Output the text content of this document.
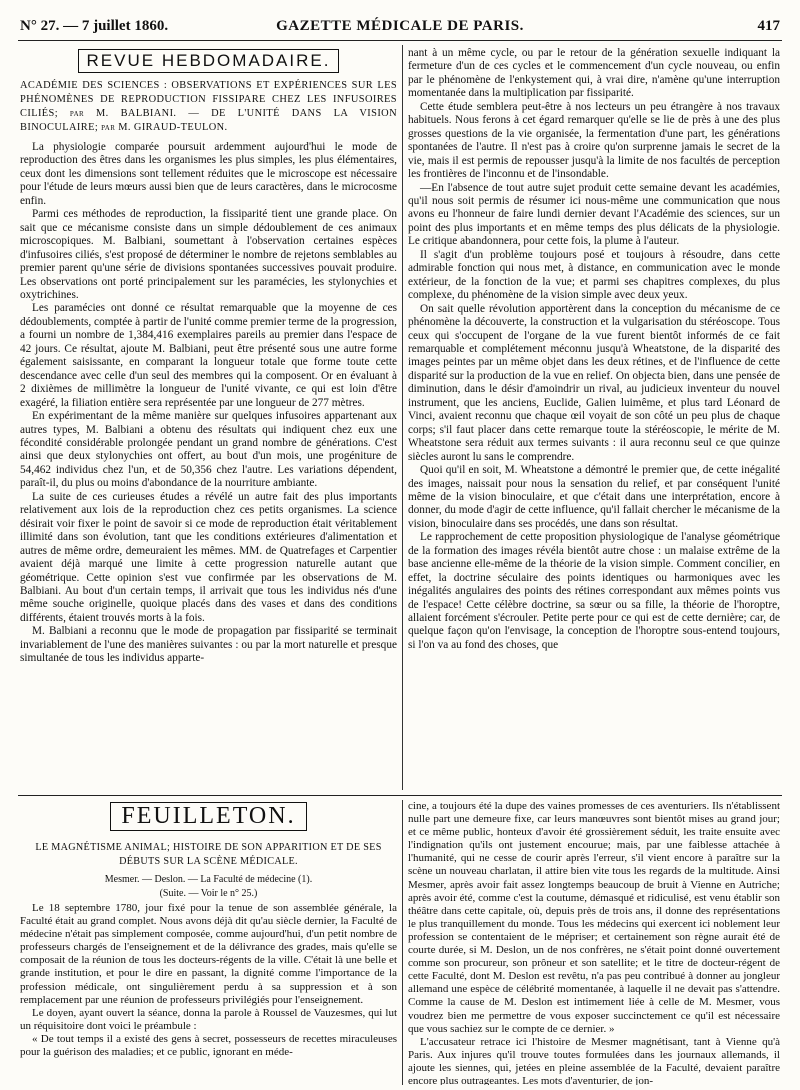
N° 27. — 7 juillet 1860.	GAZETTE MÉDICALE DE PARIS.	417
REVUE HEBDOMADAIRE.
ACADÉMIE DES SCIENCES : OBSERVATIONS ET EXPÉRIENCES SUR LES PHÉNOMÈNES DE REPRODUCTION FISSIPARE CHEZ LES INFUSOIRES CILIÉS; par M. BALBIANI. — DE L'UNITÉ DANS LA VISION BINOCULAIRE; par M. GIRAUD-TEULON.

La physiologie comparée poursuit ardemment aujourd'hui le mode de reproduction des êtres dans les organismes les plus simples, les plus élémentaires, ceux dont les dimensions sont tellement réduites que le microscope est nécessaire pour l'étude de leurs mœurs aussi bien que de leurs caractères, dans le microcosme enfin.

Parmi ces méthodes de reproduction, la fissiparité tient une grande place. On sait que ce mécanisme consiste dans un simple dédoublement de ces animaux microscopiques. M. Balbiani, soumettant à l'observation certaines espèces d'infusoires ciliés, s'est proposé de déterminer le nombre de rejetons semblables au premier parent qu'une série de divisions spontanées successives pouvait produire. Les observations ont porté principalement sur les paramécies, les stylonychies et oxytrichines.

Les paramécies ont donné ce résultat remarquable que la moyenne de ces dédoublements, comptée à partir de l'unité comme premier terme de la progression, a fourni un nombre de 1,384,416 exemplaires pareils au premier dans l'espace de 42 jours. Ce résultat, ajoute M. Balbiani, peut être présenté sous une autre forme également saisissante, en comparant la longueur totale que forme toute cette descendance avec celle d'un seul des membres qui la composent. Or en évaluant à 2 dixièmes de millimètre la longueur de l'unité vivante, ce qui est loin d'être exagéré, la filiation entière sera représentée par une longueur de 277 mètres.

En expérimentant de la même manière sur quelques infusoires appartenant aux autres types, M. Balbiani a obtenu des résultats qui indiquent chez eux une fécondité considérable prolongée pendant un grand nombre de générations. C'est ainsi que deux stylonychies ont offert, au bout d'un mois, une progéniture de 54,462 individus chez l'un, et de 50,356 chez l'autre. Les variations dépendent, paraît-il, du plus ou moins d'abondance de la nourriture ambiante.

La suite de ces curieuses études a révélé un autre fait des plus importants relativement aux lois de la reproduction chez ces petits organismes. La science désirait voir fixer le point de savoir si ce mode de reproduction était véritablement illimité dans son évolution, tant que les conditions extérieures d'alimentation et autres de même ordre, demeuraient les mêmes. MM. de Quatrefages et Carpentier avaient déjà marqué une limite à cette progression naturelle autant que géométrique. Cette opinion s'est vue confirmée par les observations de M. Balbiani. Au bout d'un certain temps, il arrivait que tous les individus nés d'une même souche originelle, quoique placés dans des vases et dans des conditions différents, étaient trouvés morts à la fois.

M. Balbiani a reconnu que le mode de propagation par fissiparité se terminait invariablement de l'une des manières suivantes : ou par la mort naturelle et presque simultanée de tous les individus apparte-

nant à un même cycle, ou par le retour de la génération sexuelle indiquant la fermeture d'un de ces cycles et le commencement d'un cycle nouveau, ou enfin par le phénomène de l'enkystement qui, à vrai dire, n'amène qu'une interruption momentanée dans la multiplication par fissiparité.

Cette étude semblera peut-être à nos lecteurs un peu étrangère à nos travaux habituels. Nous ferons à cet égard remarquer qu'elle se lie de près à une des plus grosses questions de la vie organisée, la fermentation d'une part, les générations spontanées de l'autre. Il n'est pas à croire qu'on surprenne jamais le secret de la vie, mais il est permis de repousser jusqu'à la limite de nos facultés de perception les frontières de l'inconnu et de l'insondable.

—En l'absence de tout autre sujet produit cette semaine devant les académies, qu'il nous soit permis de résumer ici nous-même une communication que nous avons eu l'honneur de faire lundi dernier devant l'Académie des sciences, sur un point des plus importants et en même temps des plus délicats de la physiologie. Le critique abandonnera, pour cette fois, la plume à l'auteur.

Il s'agit d'un problème toujours posé et toujours à résoudre, dans cette admirable fonction qui nous met, à distance, en communication avec le monde extérieur, de la fonction de la vue; et parmi ses chapitres complexes, du plus complexe, du phénomène de la vision simple avec deux yeux.

On sait quelle révolution apportèrent dans la conception du mécanisme de ce phénomène la découverte, la construction et la vulgarisation du stéréoscope. Tous ceux qui s'occupent de l'organe de la vue furent bientôt informés de ce fait remarquable et complétement méconnu jusqu'à Wheatstone, de la disparité des images peintes par un même objet dans les deux rétines, et de l'influence de cette disparité sur la production de la vue en relief. On objecta bien, dans une pensée de diminution, dans le désir d'amoindrir un rival, au judicieux inventeur du nouvel instrument, que les anciens, Euclide, Galien luimême, et plus tard Léonard de Vinci, avaient reconnu que chaque œil voyait de son côté un peu plus de chaque corps; s'il faut placer dans cette remarque toute la stéréoscopie, le mérite de M. Wheatstone sera réduit aux termes suivants : il aura reconnu seul ce que quinze siècles auront lu sans le comprendre.

Quoi qu'il en soit, M. Wheatstone a démontré le premier que, de cette inégalité des images, naissait pour nous la sensation du relief, et par conséquent l'unité même de la vision binoculaire, et que c'était dans une interprétation, encore à donner, du mode d'agir de cette influence, qu'il fallait chercher le mécanisme de la vision, binoculaire dans ses procédés, une dans son résultat.

Le rapprochement de cette proposition physiologique de l'analyse géométrique de la formation des images révéla bientôt autre chose : un malaise extrême de la base ancienne elle-même de la théorie de la vision simple. Comment concilier, en effet, la doctrine séculaire des points identiques ou harmoniques avec les inégalités angulaires des points des rétines correspondant aux mêmes points vus de l'espace! Cette célèbre doctrine, sa sœur ou sa fille, la théorie de l'horoptre, allaient forcément s'écrouler. Petite perte pour ce qui est de cette dernière; car, de quelque façon qu'on l'envisage, la conception de l'horoptre sous-entend toujours, si l'on va au fond des choses, que

FEUILLETON.
LE MAGNÉTISME ANIMAL; HISTOIRE DE SON APPARITION ET DE SES DÉBUTS SUR LA SCÈNE MÉDICALE.
Mesmer. — Deslon. — La Faculté de médecine (1).
(Suite. — Voir le n° 25.)

Le 18 septembre 1780, jour fixé pour la tenue de son assemblée générale, la Faculté était au grand complet. Nous avons déjà dit qu'au siècle dernier, la Faculté de médecine n'était pas simplement composée, comme aujourd'hui, d'un petit nombre de professeurs chargés de l'enseignement et de la délivrance des grades, mais qu'elle se composait de la réunion de tous les docteurs-régents de la ville. C'était là une belle et grande institution, et pour le dire en passant, la dignité comme l'importance de la profession médicale, ont singulièrement perdu à sa suppression et à son remplacement par une réunion de professeurs privilégiés pour l'enseignement.

Le doyen, ayant ouvert la séance, donna la parole à Roussel de Vauzesmes, qui lut un réquisitoire dont voici le préambule :

« De tout temps il a existé des gens à secret, possesseurs de recettes miraculeuses pour la guérison des maladies; et ce public, ignorant en méde-

cine, a toujours été la dupe des vaines promesses de ces aventuriers. Ils n'établissent nulle part une demeure fixe, car leurs manœuvres sont bientôt mises au grand jour; et ce même public, honteux d'avoir été grossièrement séduit, les traite ensuite avec l'indignation qu'ils ont justement encourue; mais, par une faiblesse attachée à l'humanité, qui ne cesse de courir après l'erreur, s'il vient encore à paraître sur la scène un nouveau charlatan, il attire bien vite tous les regards de la multitude. Ainsi Mesmer, après avoir fait assez longtemps beaucoup de bruit à Vienne en Autriche; après avoir été, comme c'est la coutume, démasqué et ridiculisé, est venu établir son théâtre dans cette capitale, où, depuis près de trois ans, il donne des représentations le plus tranquillement du monde. Tous les médecins qui exercent ici noblement leur profession se contentaient de le mépriser; et certainement son règne aurait été de courte durée, si M. Deslon, un de nos confrères, ne s'était point donné ouvertement comme son procureur, son prôneur et son satellite; et le titre de docteur-régent de cette Faculté, dont M. Deslon est revêtu, n'a pas peu contribué à donner au jongleur allemand une espèce de célébrité momentanée, à laquelle il ne devait pas s'attendre. Comme la cause de M. Deslon est intimement liée à celle de M. Mesmer, vous voudrez bien me permettre de vous exposer succinctement ce qu'il est nécessaire que vous sachiez sur le compte de ce dernier. »

L'accusateur retrace ici l'histoire de Mesmer magnétisant, tant à Vienne qu'à Paris. Aux injures qu'il trouve toutes formulées dans les journaux allemands, il ajoute les siennes, qui, jetées en pleine assemblée de la Faculté, devaient paraître encore plus outrageantes. Les mots d'aventurier, de jon-
